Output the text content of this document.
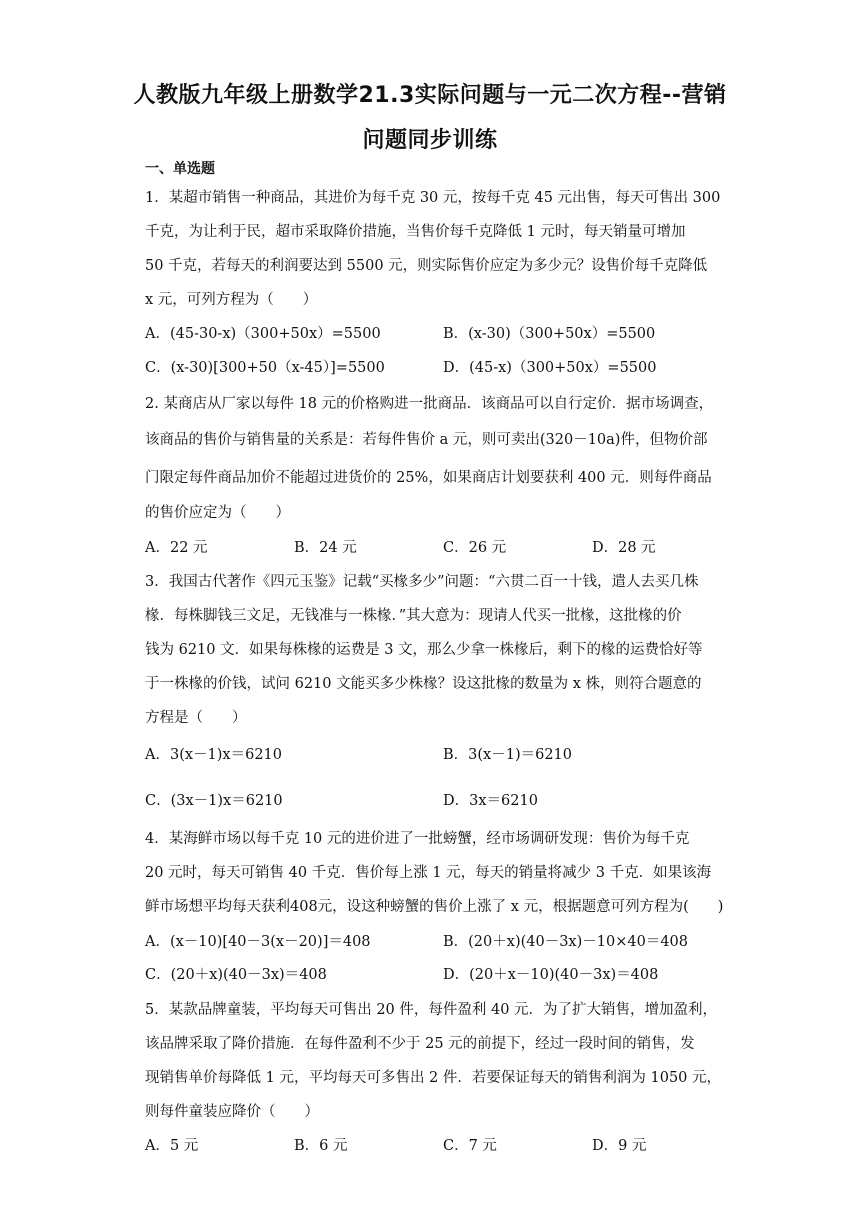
人教版九年级上册数学21.3实际问题与一元二次方程--营销
问题同步训练
一、单选题
1．某超市销售一种商品，其进价为每千克 30 元，按每千克 45 元出售，每天可售出 300
千克，为让利于民，超市采取降价措施，当售价每千克降低 1 元时，每天销量可增加
50 千克，若每天的利润要达到 5500 元，则实际售价应定为多少元？设售价每千克降低
x 元，可列方程为（　　）
A．(45-30-x)（300+50x）=5500	B．(x-30)（300+50x）=5500
C．(x-30)[300+50（x-45）]=5500	D．(45-x)（300+50x）=5500
2. 某商店从厂家以每件 18 元的价格购进一批商品．该商品可以自行定价．据市场调查，
该商品的售价与销售量的关系是：若每件售价 a 元，则可卖出(320－10a)件，但物价部
门限定每件商品加价不能超过进货价的 25%，如果商店计划要获利 400 元．则每件商品
的售价应定为（　　）
A．22 元	B．24 元	C．26 元	D．28 元
3．我国古代著作《四元玉鉴》记载“买椽多少”问题：“六贯二百一十钱，遣人去买几株
椽．每株脚钱三文足，无钱准与一株椽．”其大意为：现请人代买一批椽，这批椽的价
钱为 6210 文．如果每株椽的运费是 3 文，那么少拿一株椽后，剩下的椽的运费恰好等
于一株椽的价钱，试问 6210 文能买多少株椽？设这批椽的数量为 x 株，则符合题意的
方程是（　　）
A．3(x－1)x＝6210	B．3(x－1)＝6210
C．(3x－1)x＝6210	D．3x＝6210
4．某海鲜市场以每千克 10 元的进价进了一批螃蟹，经市场调研发现：售价为每千克
20 元时，每天可销售 40 千克．售价每上涨 1 元，每天的销量将减少 3 千克．如果该海
鲜市场想平均每天获利408元，设这种螃蟹的售价上涨了 x 元，根据题意可列方程为(　　)
A．(x－10)[40－3(x－20)]＝408	B．(20＋x)(40－3x)－10×40＝408
C．(20＋x)(40－3x)＝408	D．(20＋x－10)(40－3x)＝408
5．某款品牌童装，平均每天可售出 20 件，每件盈利 40 元．为了扩大销售，增加盈利，
该品牌采取了降价措施．在每件盈利不少于 25 元的前提下，经过一段时间的销售，发
现销售单价每降低 1 元，平均每天可多售出 2 件．若要保证每天的销售利润为 1050 元，
则每件童装应降价（　　）
A．5 元	B．6 元	C．7 元	D．9 元
